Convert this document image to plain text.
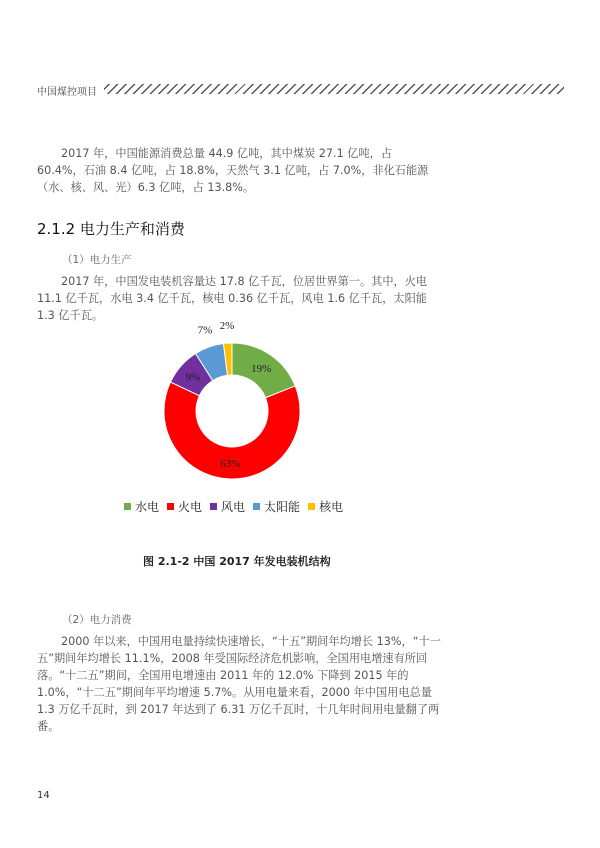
中国煤控项目

2017 年，中国能源消费总量 44.9 亿吨，其中煤炭 27.1 亿吨，占 60.4%，石油 8.4 亿吨，占 18.8%，天然气 3.1 亿吨，占 7.0%，非化石能源（水、核、风、光）6.3 亿吨，占 13.8%。

2.1.2 电力生产和消费
（1）电力生产

2017 年，中国发电装机容量达 17.8 亿千瓦，位居世界第一。其中，火电 11.1 亿千瓦，水电 3.4 亿千瓦，核电 0.36 亿千瓦，风电 1.6 亿千瓦，太阳能 1.3 亿千瓦。

19%
63%
9%
7% 2%
水电 火电 风电 太阳能 核电
图 2.1-2 中国 2017 年发电装机结构
（2）电力消费

2000 年以来，中国用电量持续快速增长，“十五”期间年均增长 13%，“十一五”期间年均增长 11.1%，2008 年受国际经济危机影响，全国用电增速有所回落。“十二五”期间，全国用电增速由 2011 年的 12.0% 下降到 2015 年的 1.0%，“十二五”期间年平均增速 5.7%。从用电量来看，2000 年中国用电总量 1.3 万亿千瓦时，到 2017 年达到了 6.31 万亿千瓦时，十几年时间用电量翻了两番。

14
